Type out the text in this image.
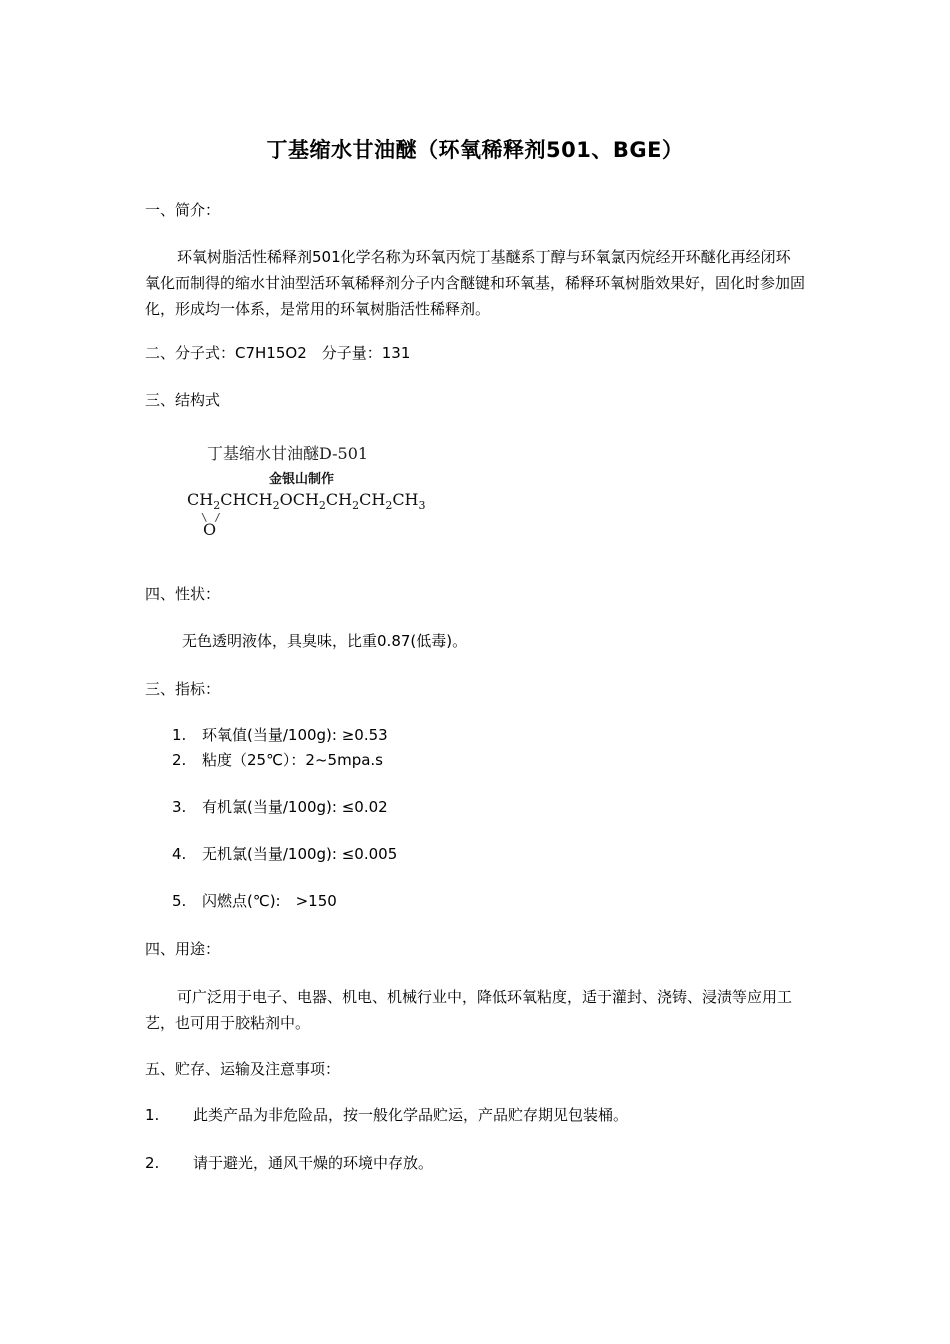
丁基缩水甘油醚（环氧稀释剂501、BGE）
一、简介：
环氧树脂活性稀释剂501化学名称为环氧丙烷丁基醚系丁醇与环氧氯丙烷经开环醚化再经闭环氧化而制得的缩水甘油型活环氧稀释剂分子内含醚键和环氧基，稀释环氧树脂效果好，固化时参加固化，形成均一体系，是常用的环氧树脂活性稀释剂。
二、分子式：C7H15O2　分子量：131
三、结构式
丁基缩水甘油醚D-501
金银山制作
$CH_2CHCH_2OCH_2CH_2CH_2CH_3$
\ /
O
四、性状：
无色透明液体，具臭味，比重0.87(低毒)。
三、指标：
1. 环氧值(当量/100g): ≥0.53
2. 粘度（25℃）：2~5mpa.s
3. 有机氯(当量/100g): ≤0.02
4. 无机氯(当量/100g): ≤0.005
5. 闪燃点(℃):　>150
四、用途：
可广泛用于电子、电器、机电、机械行业中，降低环氧粘度，适于灌封、浇铸、浸渍等应用工艺，也可用于胶粘剂中。
五、贮存、运输及注意事项：
1. 此类产品为非危险品，按一般化学品贮运，产品贮存期见包装桶。
2. 请于避光，通风干燥的环境中存放。
